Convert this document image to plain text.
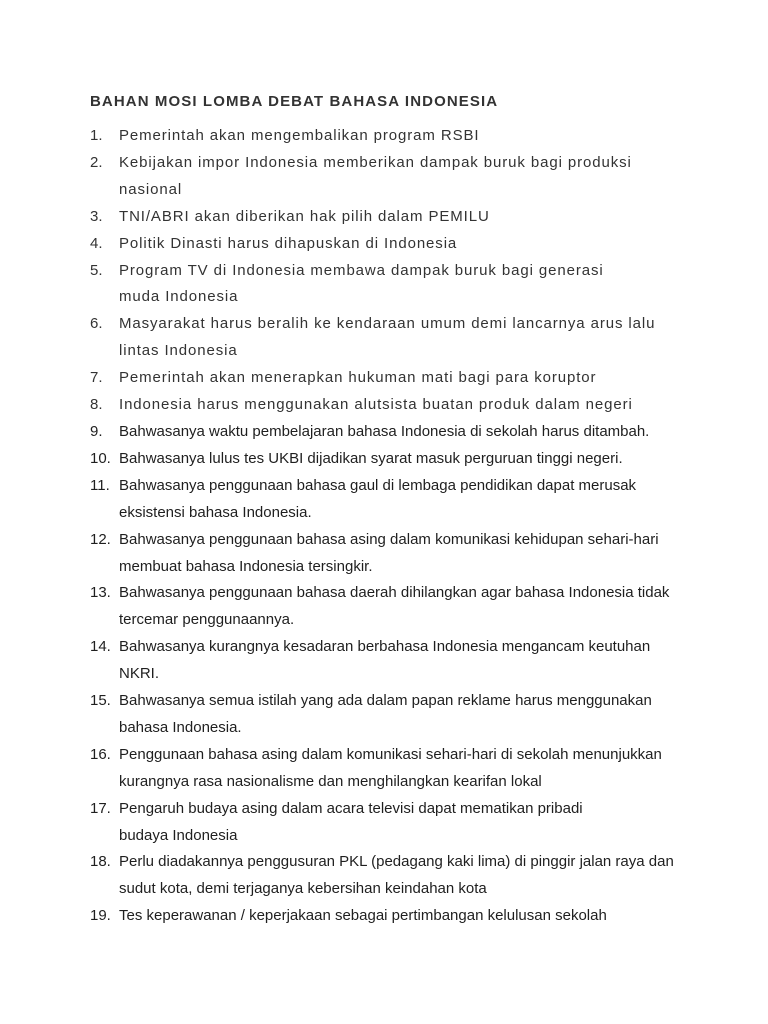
BAHAN MOSI LOMBA DEBAT BAHASA INDONESIA
1. Pemerintah akan mengembalikan program RSBI
2. Kebijakan impor Indonesia memberikan dampak buruk bagi produksi nasional
3. TNI/ABRI akan diberikan hak pilih dalam PEMILU
4. Politik Dinasti harus dihapuskan di Indonesia
5. Program TV di Indonesia membawa dampak buruk bagi generasi muda Indonesia
6. Masyarakat harus beralih ke kendaraan umum demi lancarnya arus lalu lintas Indonesia
7. Pemerintah akan menerapkan hukuman mati bagi para koruptor
8. Indonesia harus menggunakan alutsista buatan produk dalam negeri
9. Bahwasanya waktu pembelajaran bahasa Indonesia di sekolah harus ditambah.
10. Bahwasanya lulus tes UKBI dijadikan syarat masuk perguruan tinggi negeri.
11. Bahwasanya penggunaan bahasa gaul di lembaga pendidikan dapat merusak eksistensi bahasa Indonesia.
12. Bahwasanya penggunaan bahasa asing dalam komunikasi kehidupan sehari-hari membuat bahasa Indonesia tersingkir.
13. Bahwasanya penggunaan bahasa daerah dihilangkan agar bahasa Indonesia tidak tercemar penggunaannya.
14. Bahwasanya kurangnya kesadaran berbahasa Indonesia mengancam keutuhan NKRI.
15. Bahwasanya semua istilah yang ada dalam papan reklame harus menggunakan bahasa Indonesia.
16. Penggunaan bahasa asing dalam komunikasi sehari-hari di sekolah menunjukkan kurangnya rasa nasionalisme dan menghilangkan kearifan lokal
17. Pengaruh budaya asing dalam acara televisi dapat mematikan pribadi budaya Indonesia
18. Perlu diadakannya penggusuran PKL (pedagang kaki lima) di pinggir jalan raya dan sudut kota, demi terjaganya kebersihan keindahan kota
19. Tes keperawanan / keperjakaan sebagai pertimbangan kelulusan sekolah
